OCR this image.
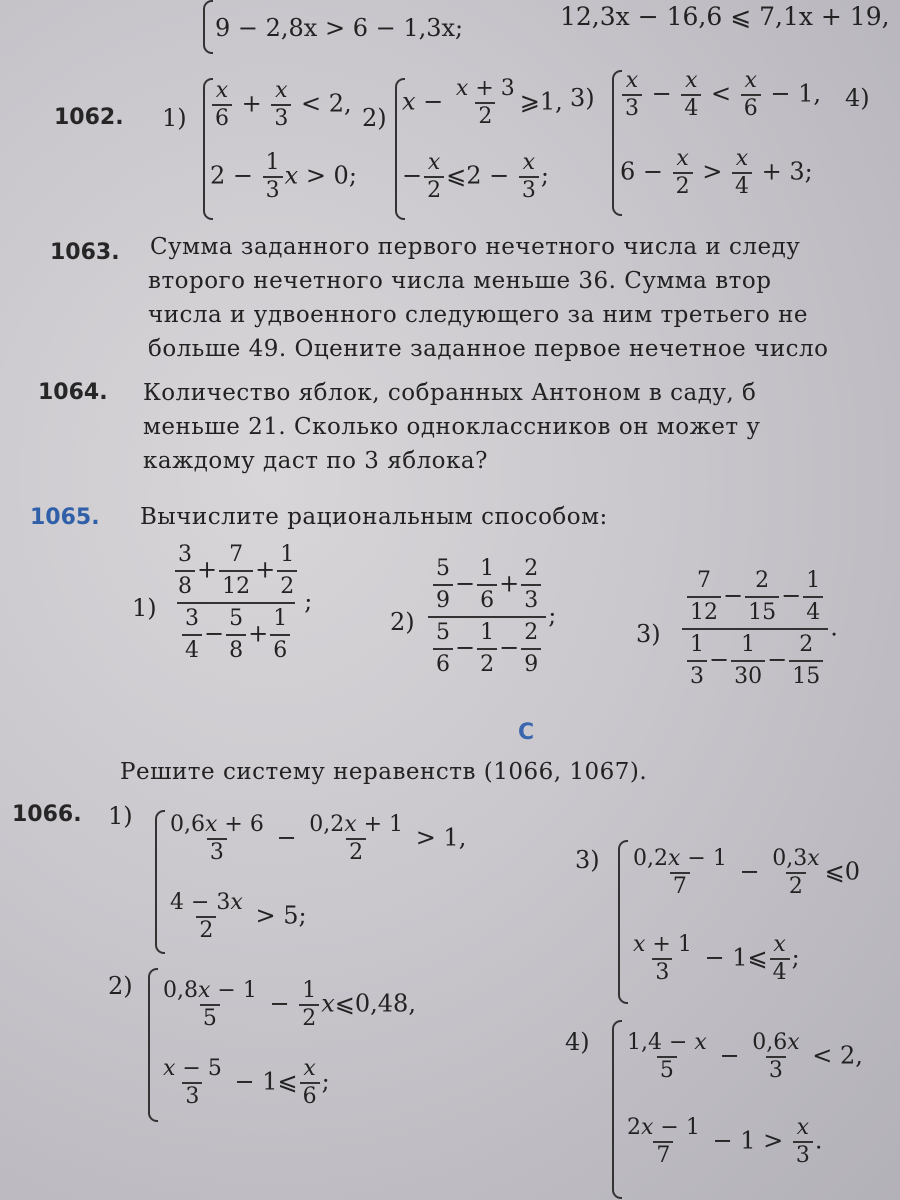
9 − 2,8x > 6 − 1,3x;	12,3x − 16,6 ⩽ 7,1x + 19,
1062. $1) \frac{x}{6} + \frac{x}{3} < 2$,
$2 - \frac{1}{3}$ x > 0;
2)
$x - \frac{x + 3}{2}$ ⩾1,
− $\frac{x}{2}$ ⩽2 − $\frac{x}{3}$ ;
$3) \frac{x}{3} - \frac{x}{4} < \frac{x}{6} - 1$, 4)
$6 - \frac{x}{2} > \frac{x}{4} + 3$;
1063. Сумма заданного первого нечетного числа и следу
второго нечетного числа меньше 36. Сумма втор
числа и удвоенного следующего за ним третьего не
больше 49. Оцените заданное первое нечетное число
1064. Количество яблок, собранных Антоном в саду, б
меньше 21. Сколько одноклассников он может у
каждому даст по 3 яблока?
1065. Вычислите рациональным способом:
$1) \frac{\frac{3}{8} + \frac{7}{12} + \frac{1}{2}}{\frac{3}{4} - \frac{5}{8} + \frac{1}{6}}$ ;
$2) \frac{\frac{5}{9} - \frac{1}{6} + \frac{2}{3}}{\frac{5}{6} - \frac{1}{2} - \frac{2}{9}}$ ;
$3) \frac{\frac{7}{12} - \frac{2}{15} - \frac{1}{4}}{\frac{1}{3} - \frac{1}{30} - \frac{2}{15}}$ .
C
Решите систему неравенств (1066, 1067).
1066. $1) \frac{0,6x + 6}{3} - \frac{0,2x + 1}{2} > 1$,
$\frac{4 - 3x}{2} > 5$;
$2) \frac{0,8x - 1}{5} - \frac{1}{2}$ x⩽0,48,
$\frac{x - 5}{3}$ − 1⩽ $\frac{x}{6}$ ;
$3) \frac{0,2x - 1}{7} - \frac{0,3x}{2}$ ⩽0
$\frac{x + 1}{3}$ − 1⩽ $\frac{x}{4}$ ;
$4) \frac{1,4 - x}{5} - \frac{0,6x}{3} < 2$,
$\frac{2x - 1}{7} - 1 > \frac{x}{3}$ .
